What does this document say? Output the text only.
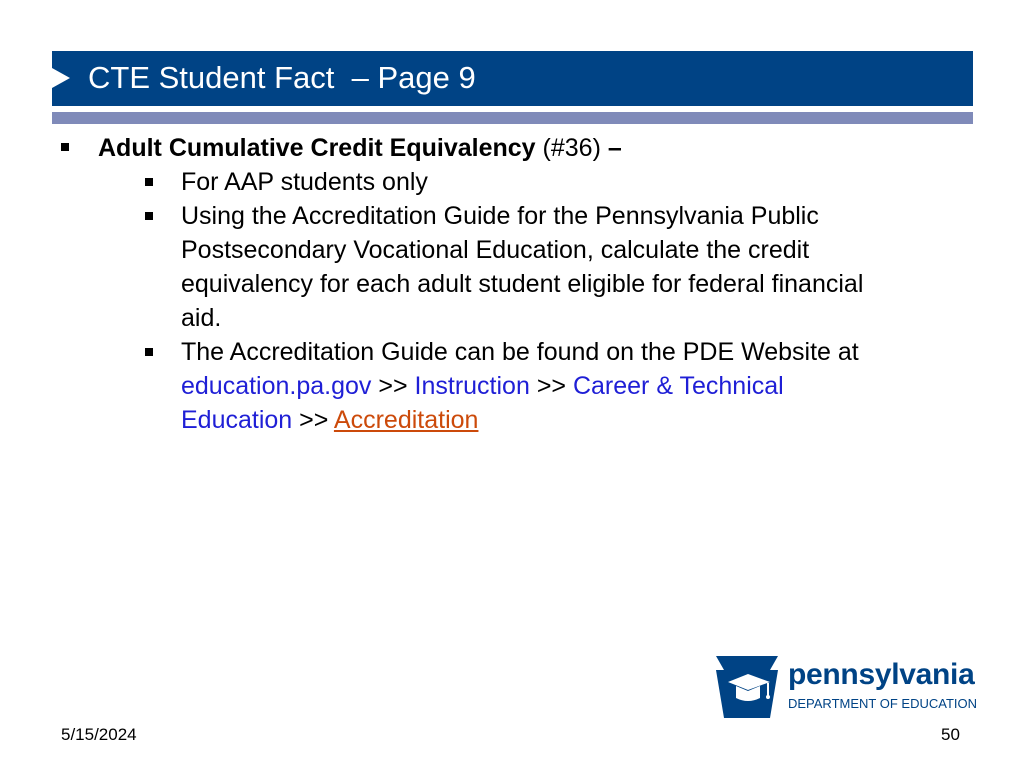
CTE Student Fact  – Page 9
Adult Cumulative Credit Equivalency (#36) –
For AAP students only
Using the Accreditation Guide for the Pennsylvania Public
Postsecondary Vocational Education, calculate the credit
equivalency for each adult student eligible for federal financial
aid.
The Accreditation Guide can be found on the PDE Website at
education.pa.gov >> Instruction >> Career & Technical
Education >> Accreditation
pennsylvania
DEPARTMENT OF EDUCATION
5/15/2024	50
